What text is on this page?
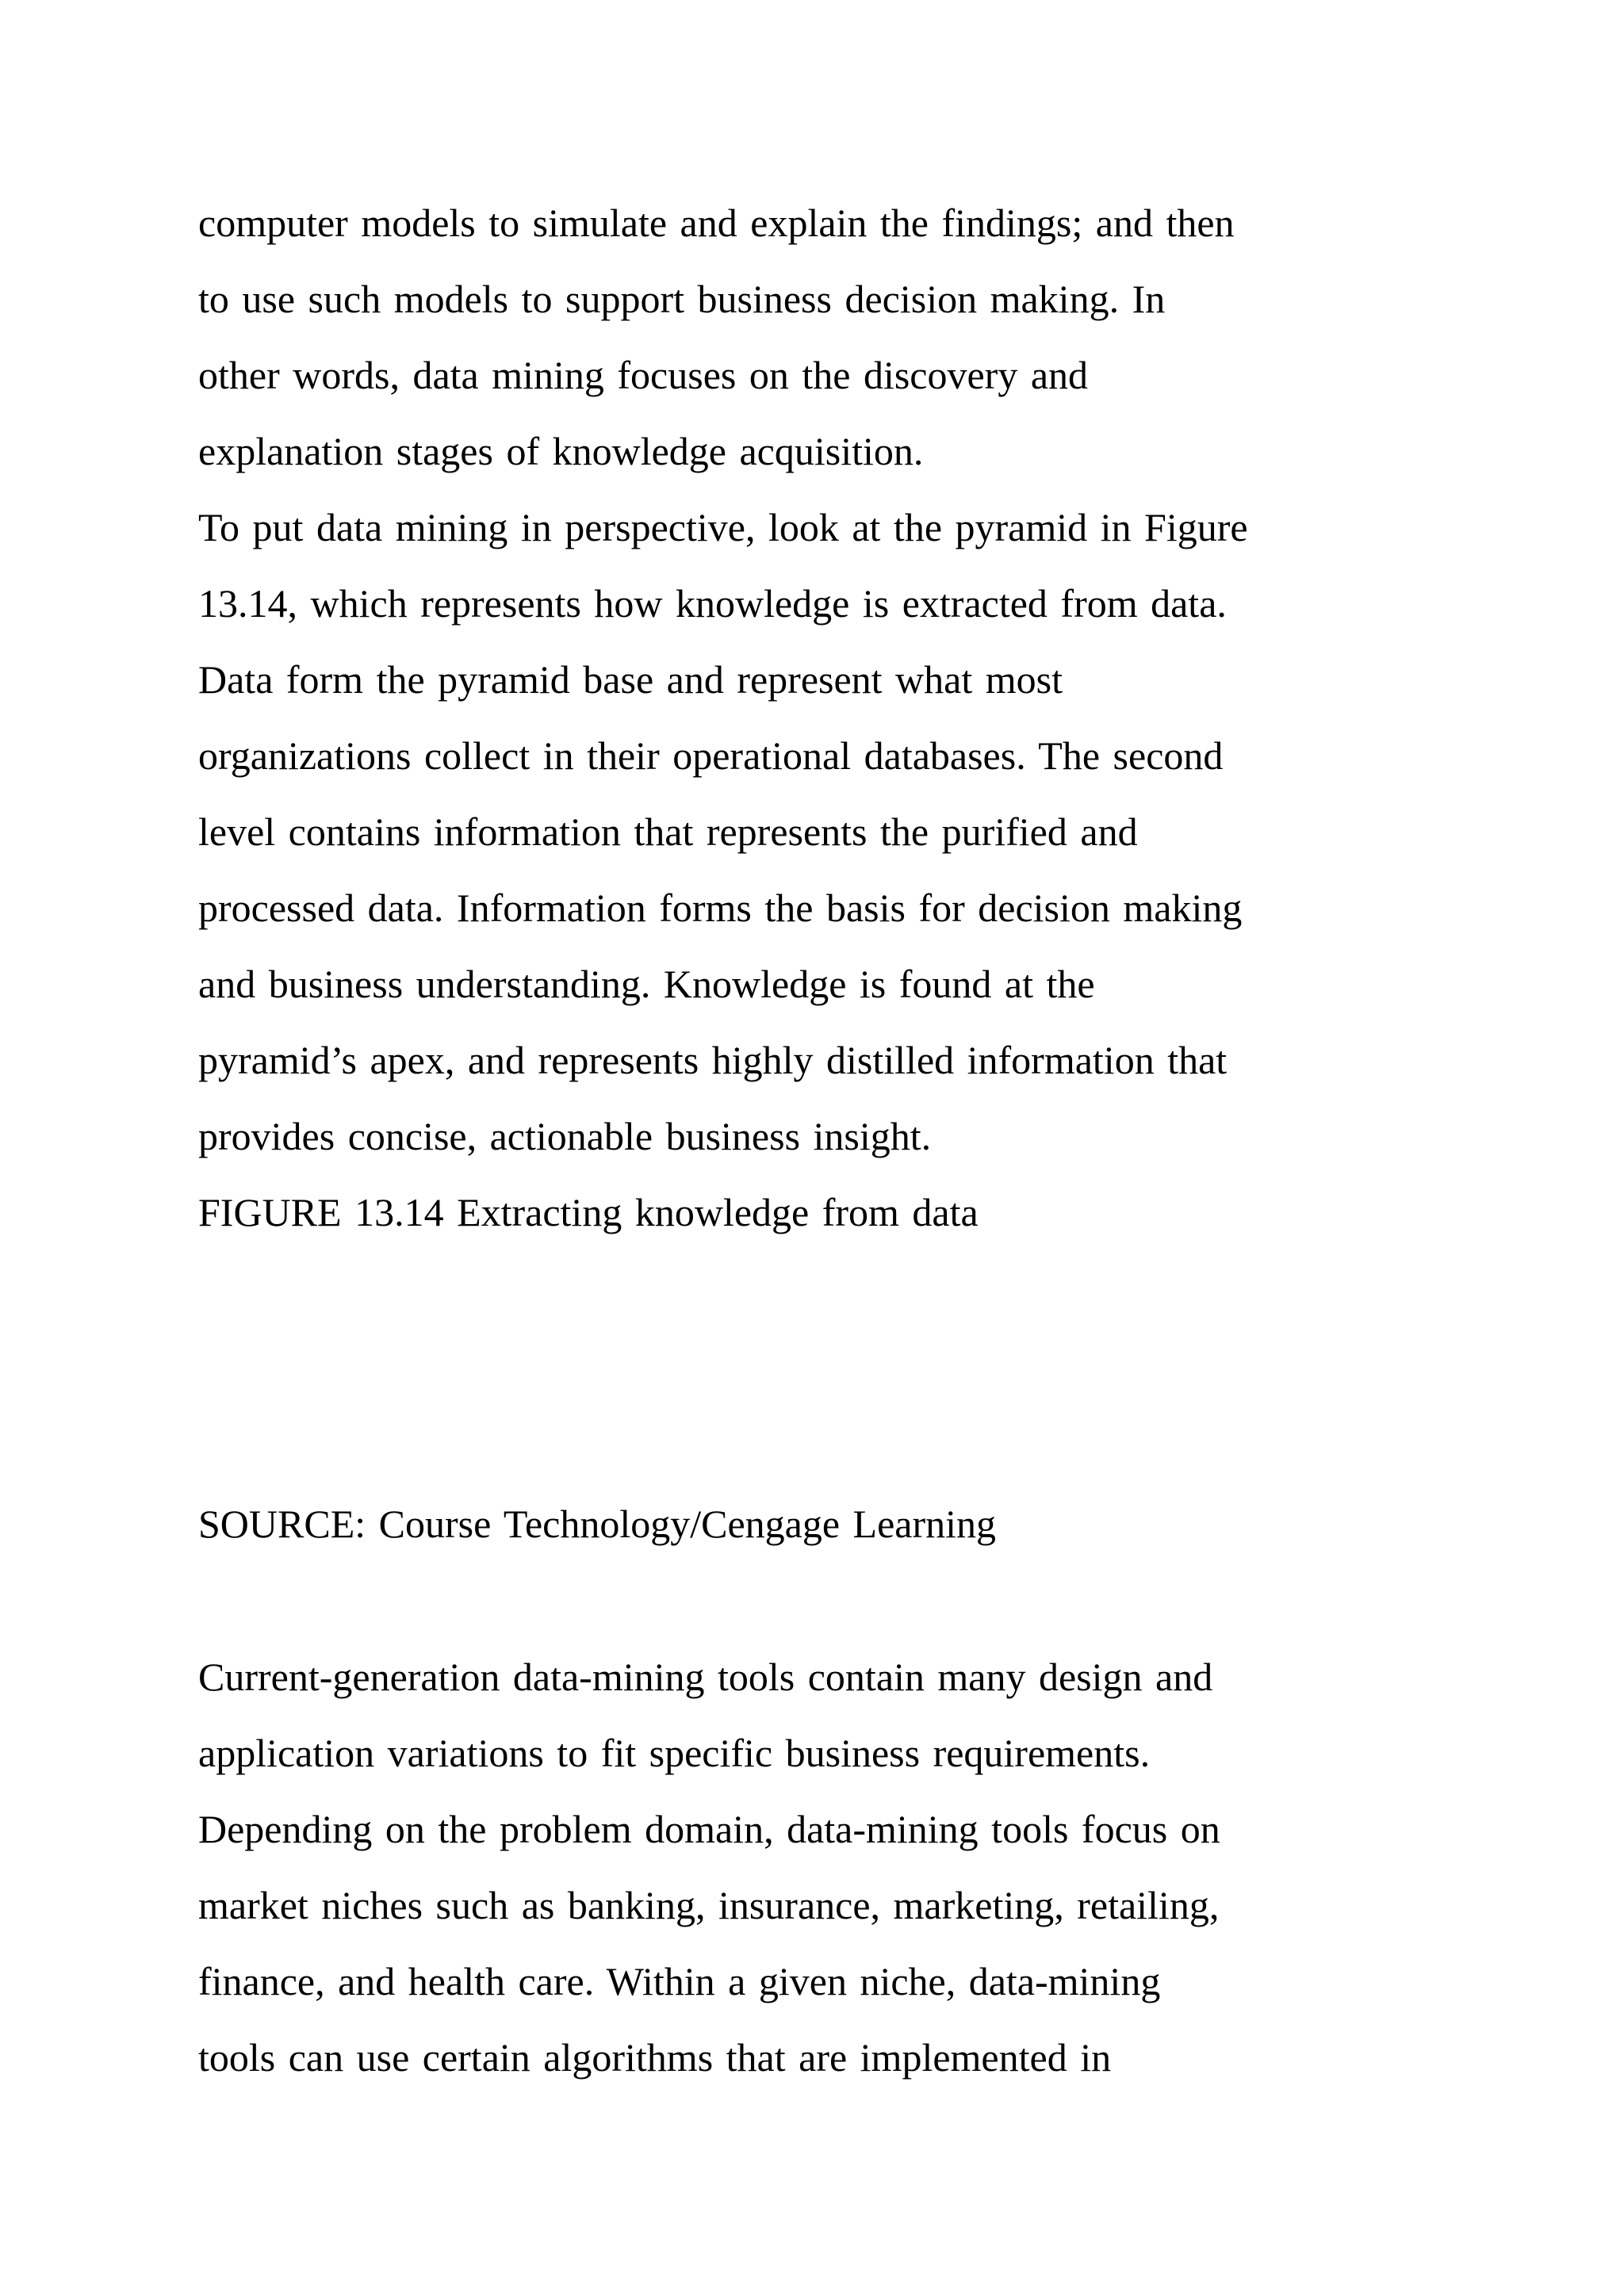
computer models to simulate and explain the findings; and then

to use such models to support business decision making. In

other words, data mining focuses on the discovery and

explanation stages of knowledge acquisition.

To put data mining in perspective, look at the pyramid in Figure

13.14, which represents how knowledge is extracted from data.

Data form the pyramid base and represent what most

organizations collect in their operational databases. The second

level contains information that represents the purified and

processed data. Information forms the basis for decision making

and business understanding. Knowledge is found at the

pyramid’s apex, and represents highly distilled information that

provides concise, actionable business insight.

FIGURE 13.14 Extracting knowledge from data

SOURCE: Course Technology/Cengage Learning

Current-generation data-mining tools contain many design and

application variations to fit specific business requirements.

Depending on the problem domain, data-mining tools focus on

market niches such as banking, insurance, marketing, retailing,

finance, and health care. Within a given niche, data-mining

tools can use certain algorithms that are implemented in
